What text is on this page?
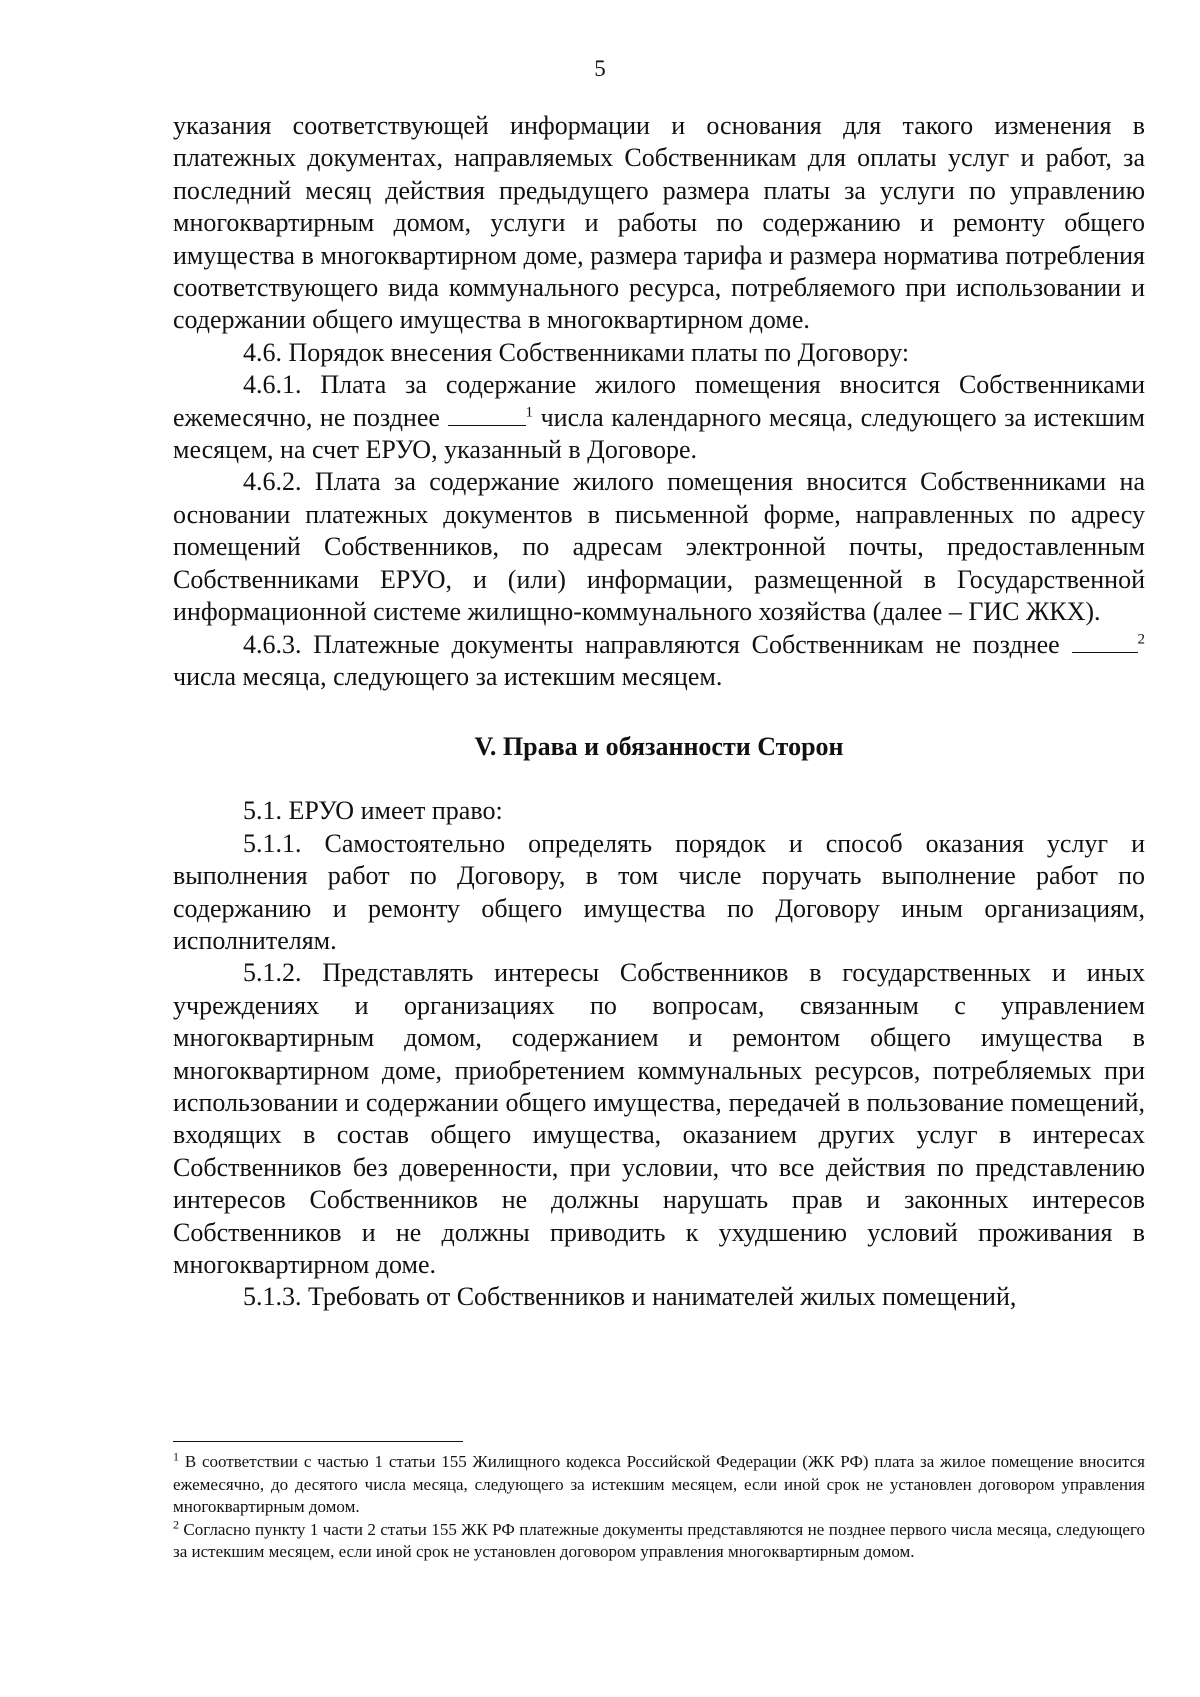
5

указания соответствующей информации и основания для такого изменения в платежных документах, направляемых Собственникам для оплаты услуг и работ, за последний месяц действия предыдущего размера платы за услуги по управлению многоквартирным домом, услуги и работы по содержанию и ремонту общего имущества в многоквартирном доме, размера тарифа и размера норматива потребления соответствующего вида коммунального ресурса, потребляемого при использовании и содержании общего имущества в многоквартирном доме.

4.6. Порядок внесения Собственниками платы по Договору:

4.6.1. Плата за содержание жилого помещения вносится Собственниками ежемесячно, не позднее	$^1$ числа календарного месяца, следующего за истекшим месяцем, на счет ЕРУО, указанный в Договоре.

4.6.2. Плата за содержание жилого помещения вносится Собственниками на основании платежных документов в письменной форме, направленных по адресу помещений Собственников, по адресам электронной почты, предоставленным Собственниками ЕРУО, и (или) информации, размещенной в Государственной информационной системе жилищно-коммунального хозяйства (далее – ГИС ЖКХ).

4.6.3. Платежные документы направляются Собственникам не позднее	$^2$ числа месяца, следующего за истекшим месяцем.

V. Права и обязанности Сторон

5.1. ЕРУО имеет право:

5.1.1. Самостоятельно определять порядок и способ оказания услуг и выполнения работ по Договору, в том числе поручать выполнение работ по содержанию и ремонту общего имущества по Договору иным организациям, исполнителям.

5.1.2. Представлять интересы Собственников в государственных и иных учреждениях и организациях по вопросам, связанным с управлением многоквартирным домом, содержанием и ремонтом общего имущества в многоквартирном доме, приобретением коммунальных ресурсов, потребляемых при использовании и содержании общего имущества, передачей в пользование помещений, входящих в состав общего имущества, оказанием других услуг в интересах Собственников без доверенности, при условии, что все действия по представлению интересов Собственников не должны нарушать прав и законных интересов Собственников и не должны приводить к ухудшению условий проживания в многоквартирном доме.

5.1.3. Требовать от Собственников и нанимателей жилых помещений,

$^1$ В соответствии с частью 1 статьи 155 Жилищного кодекса Российской Федерации (ЖК РФ) плата за жилое помещение вносится ежемесячно, до десятого числа месяца, следующего за истекшим месяцем, если иной срок не установлен договором управления многоквартирным домом.

$^2$ Согласно пункту 1 части 2 статьи 155 ЖК РФ платежные документы представляются не позднее первого числа месяца, следующего за истекшим месяцем, если иной срок не установлен договором управления многоквартирным домом.
